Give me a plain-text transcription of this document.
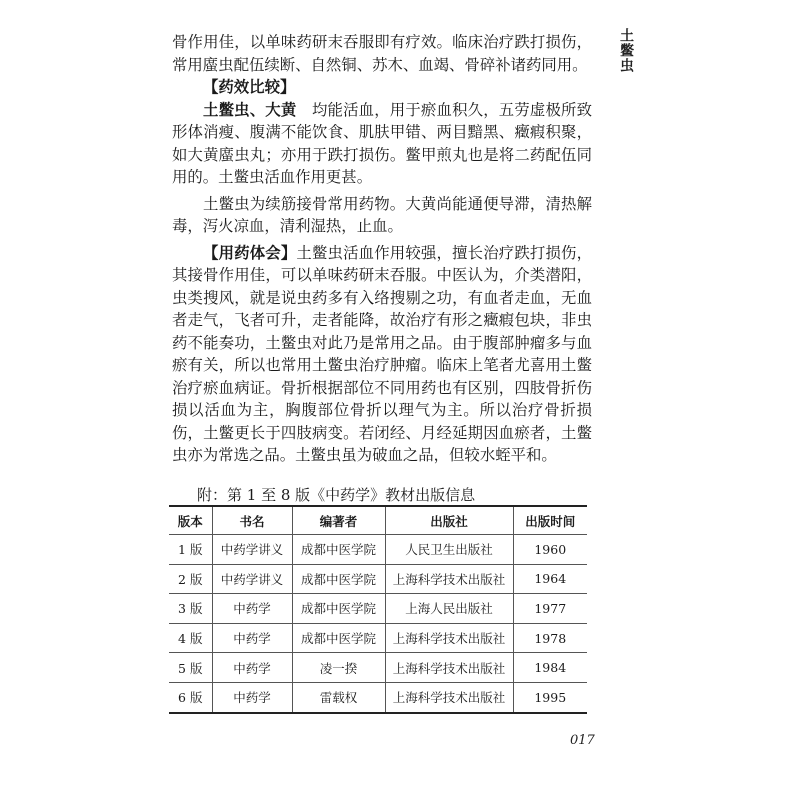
土鳖虫

骨作用佳，以单味药研末吞服即有疗效。临床治疗跌打损伤，常用䗪虫配伍续断、自然铜、苏木、血竭、骨碎补诸药同用。

【药效比较】

土鳖虫、大黄  均能活血，用于瘀血积久，五劳虚极所致形体消瘦、腹满不能饮食、肌肤甲错、两目黯黑、癥瘕积聚，如大黄䗪虫丸；亦用于跌打损伤。鳖甲煎丸也是将二药配伍同用的。土鳖虫活血作用更甚。

土鳖虫为续筋接骨常用药物。大黄尚能通便导滞，清热解毒，泻火凉血，清利湿热，止血。

【用药体会】土鳖虫活血作用较强，擅长治疗跌打损伤，其接骨作用佳，可以单味药研末吞服。中医认为，介类潜阳，虫类搜风，就是说虫药多有入络搜剔之功，有血者走血，无血者走气，飞者可升，走者能降，故治疗有形之癥瘕包块，非虫药不能奏功，土鳖虫对此乃是常用之品。由于腹部肿瘤多与血瘀有关，所以也常用土鳖虫治疗肿瘤。临床上笔者尤喜用土鳖治疗瘀血病证。骨折根据部位不同用药也有区别，四肢骨折伤损以活血为主，胸腹部位骨折以理气为主。所以治疗骨折损伤，土鳖更长于四肢病变。若闭经、月经延期因血瘀者，土鳖虫亦为常选之品。土鳖虫虽为破血之品，但较水蛭平和。

附：第 1 至 8 版《中药学》教材出版信息
版本	书名	编著者	出版社	出版时间
1 版	中药学讲义	成都中医学院	人民卫生出版社	1960
2 版	中药学讲义	成都中医学院	上海科学技术出版社	1964
3 版	中药学	成都中医学院	上海人民出版社	1977
4 版	中药学	成都中医学院	上海科学技术出版社	1978
5 版	中药学	凌一揆	上海科学技术出版社	1984
6 版	中药学	雷载权	上海科学技术出版社	1995
017
